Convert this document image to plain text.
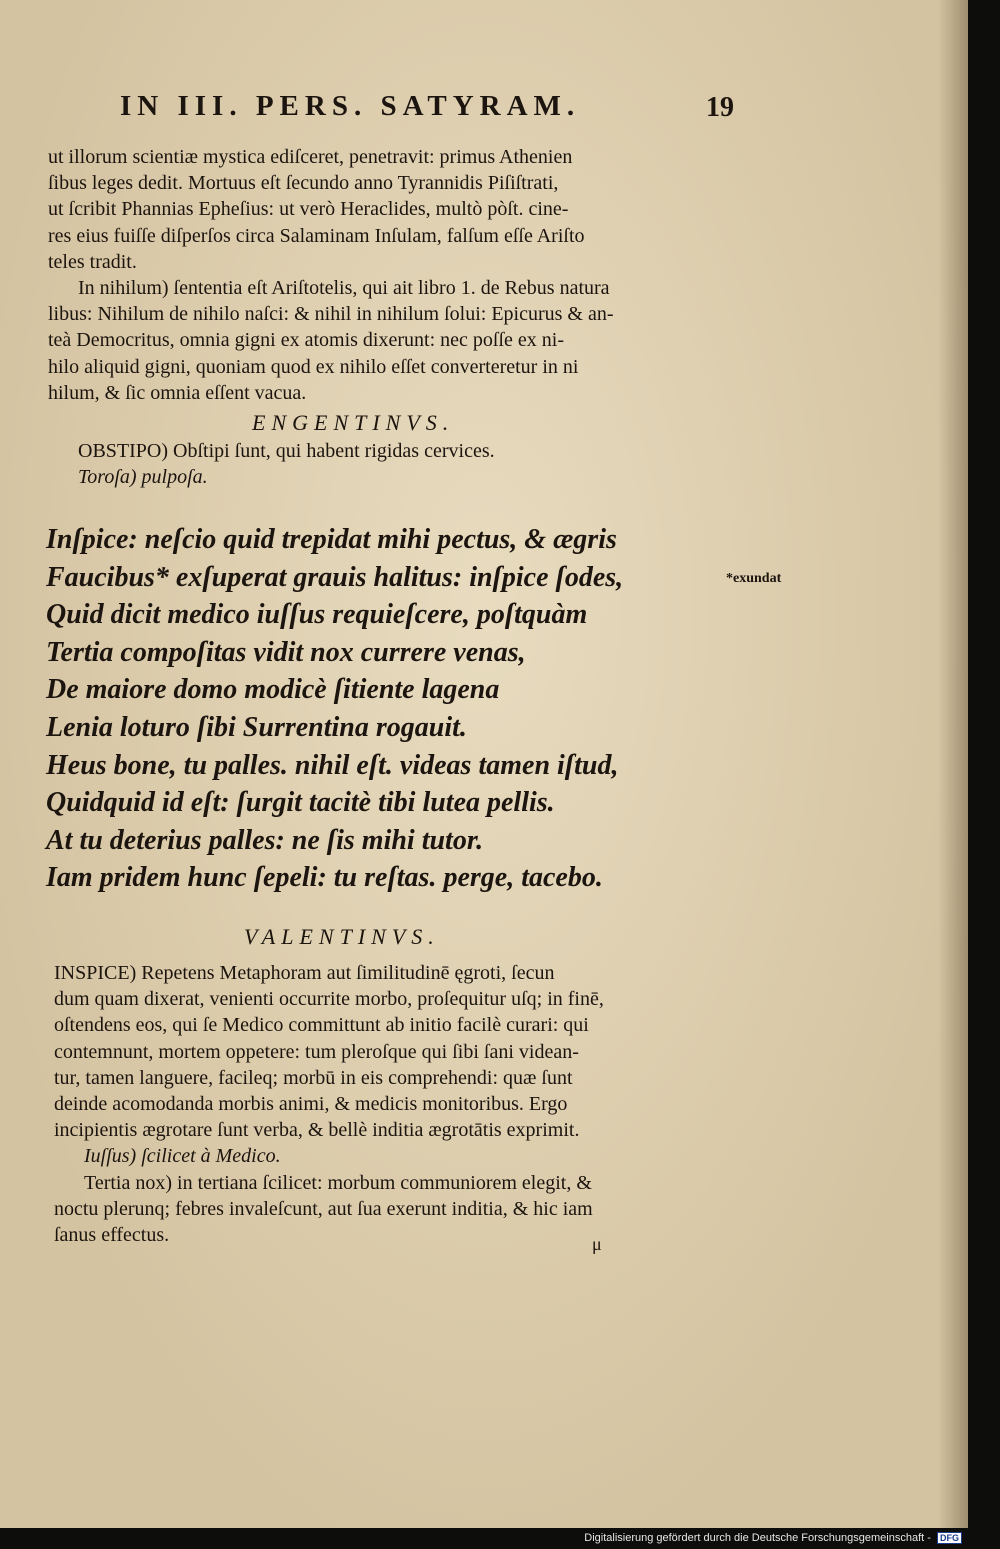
IN III. PERS. SATYRAM.	19
ut illorum scientiæ mystica ediſceret, penetravit: primus Athenien
ſibus leges dedit. Mortuus eſt ſecundo anno Tyrannidis Piſiſtrati,
ut ſcribit Phannias Epheſius: ut verò Heraclides, multò pòſt. cine-
res eius fuiſſe diſperſos circa Salaminam Inſulam, falſum eſſe Ariſto
teles tradit.
In nihilum) ſententia eſt Ariſtotelis, qui ait libro 1. de Rebus natura
libus: Nihilum de nihilo naſci: & nihil in nihilum ſolui: Epicurus & an-
teà Democritus, omnia gigni ex atomis dixerunt: nec poſſe ex ni-
hilo aliquid gigni, quoniam quod ex nihilo eſſet converteretur in ni
hilum, & ſic omnia eſſent vacua.
ENGENTINVS.
OBSTIPO) Obſtipi ſunt, qui habent rigidas cervices.
Toroſa) pulpoſa.
Inſpice: neſcio quid trepidat mihi pectus, & ægris
Faucibus* exſuperat grauis halitus: inſpice ſodes,
Quid dicit medico iuſſus requieſcere, poſtquàm
Tertia compoſitas vidit nox currere venas,
De maiore domo modicè ſitiente lagena
Lenia loturo ſibi Surrentina rogauit.
Heus bone, tu palles. nihil eſt. videas tamen iſtud,
Quidquid id eſt: ſurgit tacitè tibi lutea pellis.
At tu deterius palles: ne ſis mihi tutor.
Iam pridem hunc ſepeli: tu reſtas. perge, tacebo.
*exundat
VALENTINVS.
INSPICE) Repetens Metaphoram aut ſimilitudinē ęgroti, ſecun
dum quam dixerat, venienti occurrite morbo, proſequitur uſq; in finē,
oſtendens eos, qui ſe Medico committunt ab initio facilè curari: qui
contemnunt, mortem oppetere: tum pleroſque qui ſibi ſani videan-
tur, tamen languere, facileq; morbū in eis comprehendi: quæ ſunt
deinde acomodanda morbis animi, & medicis monitoribus. Ergo
incipientis ægrotare ſunt verba, & bellè inditia ægrotātis exprimit.
Iuſſus) ſcilicet à Medico.
Tertia nox) in tertiana ſcilicet: morbum communiorem elegit, &
noctu plerunq; febres invaleſcunt, aut ſua exerunt inditia, & hic iam
ſanus effectus.	μ
Digitalisierung gefördert durch die Deutsche Forschungsgemeinschaft - DFG
